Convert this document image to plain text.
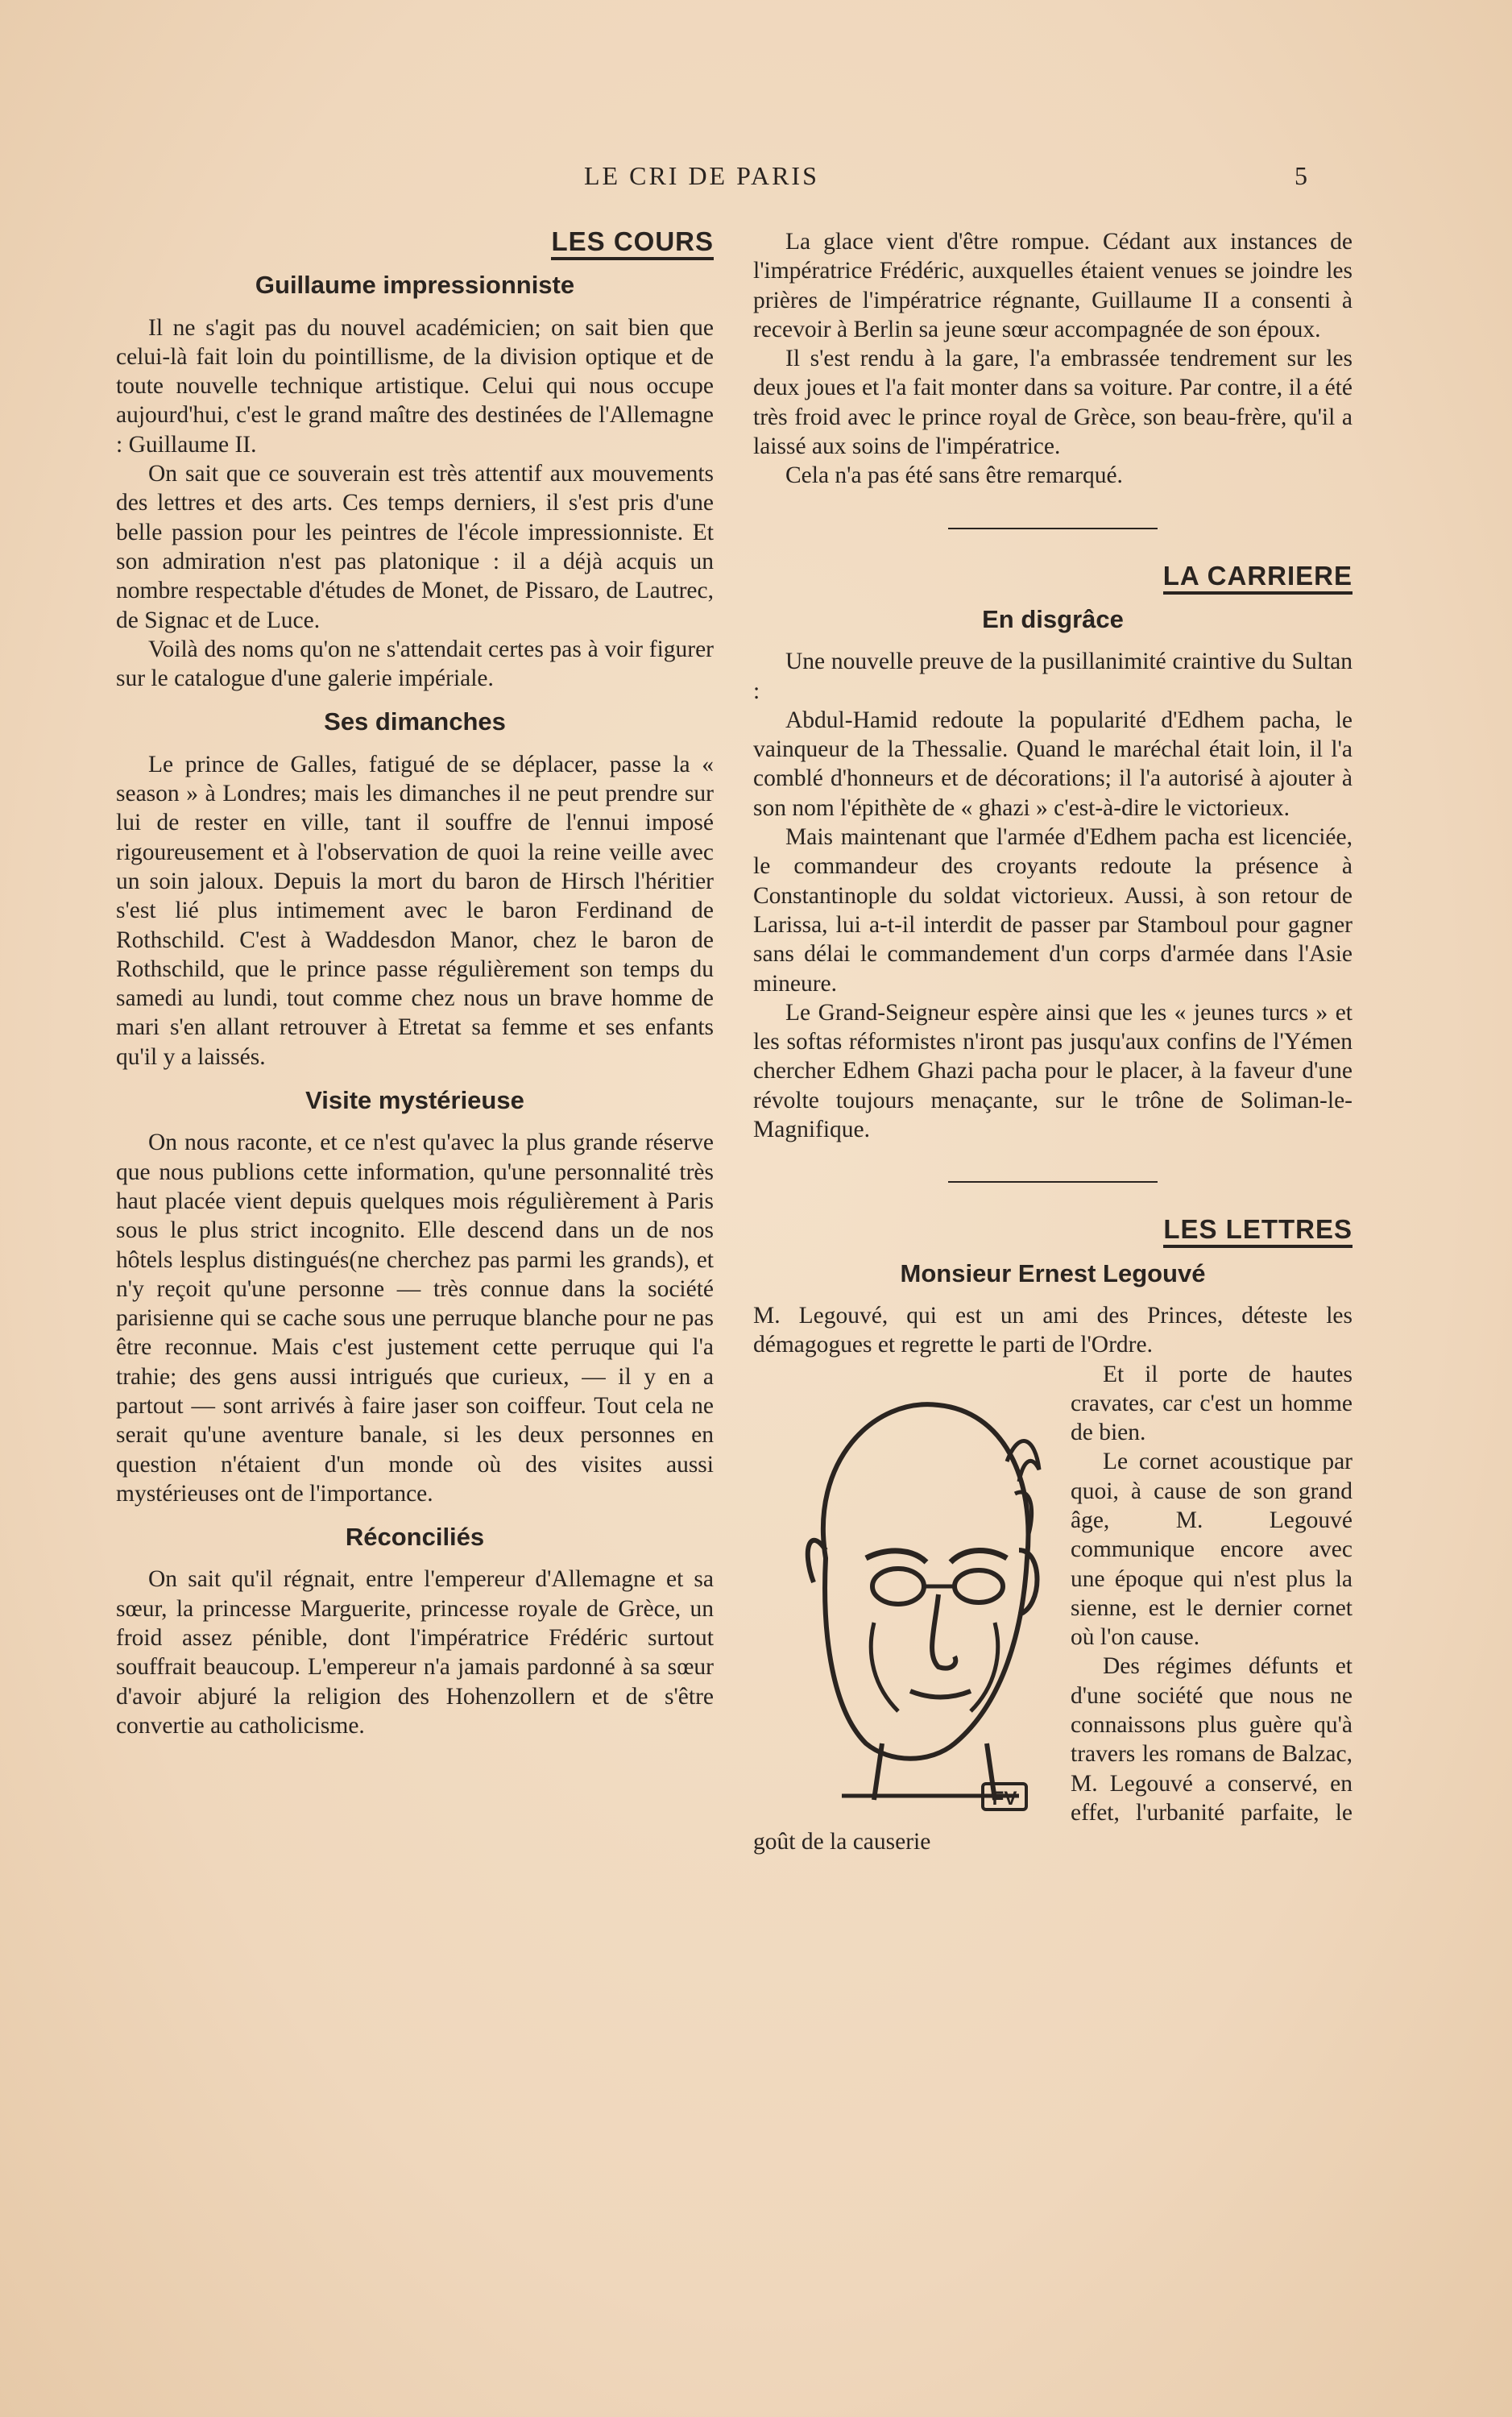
LE CRI DE PARIS	5
LES COURS
Guillaume impressionniste

Il ne s'agit pas du nouvel académicien; on sait bien que celui-là fait loin du pointillisme, de la division optique et de toute nouvelle technique artistique. Celui qui nous occupe aujourd'hui, c'est le grand maître des destinées de l'Allemagne : Guillaume II.

On sait que ce souverain est très attentif aux mouvements des lettres et des arts. Ces temps derniers, il s'est pris d'une belle passion pour les peintres de l'école impressionniste. Et son admiration n'est pas platonique : il a déjà acquis un nombre respectable d'études de Monet, de Pissaro, de Lautrec, de Signac et de Luce.

Voilà des noms qu'on ne s'attendait certes pas à voir figurer sur le catalogue d'une galerie impériale.

Ses dimanches

Le prince de Galles, fatigué de se déplacer, passe la « season » à Londres; mais les dimanches il ne peut prendre sur lui de rester en ville, tant il souffre de l'ennui imposé rigoureusement et à l'observation de quoi la reine veille avec un soin jaloux. Depuis la mort du baron de Hirsch l'héritier s'est lié plus intimement avec le baron Ferdinand de Rothschild. C'est à Waddesdon Manor, chez le baron de Rothschild, que le prince passe régulièrement son temps du samedi au lundi, tout comme chez nous un brave homme de mari s'en allant retrouver à Etretat sa femme et ses enfants qu'il y a laissés.

Visite mystérieuse

On nous raconte, et ce n'est qu'avec la plus grande réserve que nous publions cette information, qu'une personnalité très haut placée vient depuis quelques mois régulièrement à Paris sous le plus strict incognito. Elle descend dans un de nos hôtels lesplus distingués(ne cherchez pas parmi les grands), et n'y reçoit qu'une personne — très connue dans la société parisienne qui se cache sous une perruque blanche pour ne pas être reconnue. Mais c'est justement cette perruque qui l'a trahie; des gens aussi intrigués que curieux, — il y en a partout — sont arrivés à faire jaser son coiffeur. Tout cela ne serait qu'une aventure banale, si les deux personnes en question n'étaient d'un monde où des visites aussi mystérieuses ont de l'importance.

Réconciliés

On sait qu'il régnait, entre l'empereur d'Allemagne et sa sœur, la princesse Marguerite, princesse royale de Grèce, un froid assez pénible, dont l'impératrice Frédéric surtout souffrait beaucoup. L'empereur n'a jamais pardonné à sa sœur d'avoir abjuré la religion des Hohenzollern et de s'être convertie au catholicisme.

La glace vient d'être rompue. Cédant aux instances de l'impératrice Frédéric, auxquelles étaient venues se joindre les prières de l'impératrice régnante, Guillaume II a consenti à recevoir à Berlin sa jeune sœur accompagnée de son époux.

Il s'est rendu à la gare, l'a embrassée tendrement sur les deux joues et l'a fait monter dans sa voiture. Par contre, il a été très froid avec le prince royal de Grèce, son beau-frère, qu'il a laissé aux soins de l'impératrice.

Cela n'a pas été sans être remarqué.

LA CARRIERE
En disgrâce

Une nouvelle preuve de la pusillanimité craintive du Sultan :

Abdul-Hamid redoute la popularité d'Edhem pacha, le vainqueur de la Thessalie. Quand le maréchal était loin, il l'a comblé d'honneurs et de décorations; il l'a autorisé à ajouter à son nom l'épithète de « ghazi » c'est-à-dire le victorieux.

Mais maintenant que l'armée d'Edhem pacha est licenciée, le commandeur des croyants redoute la présence à Constantinople du soldat victorieux. Aussi, à son retour de Larissa, lui a-t-il interdit de passer par Stamboul pour gagner sans délai le commandement d'un corps d'armée dans l'Asie mineure.

Le Grand-Seigneur espère ainsi que les « jeunes turcs » et les softas réformistes n'iront pas jusqu'aux confins de l'Yémen chercher Edhem Ghazi pacha pour le placer, à la faveur d'une révolte toujours menaçante, sur le trône de Soliman-le-Magnifique.

LES LETTRES
Monsieur Ernest Legouvé

M. Legouvé, qui est un ami des Princes, déteste les démagogues et regrette le parti de l'Ordre.

FV

Et il porte de hautes cravates, car c'est un homme de bien.

Le cornet acoustique par quoi, à cause de son grand âge, M. Legouvé communique encore avec une époque qui n'est plus la sienne, est le dernier cornet où l'on cause.

Des régimes défunts et d'une société que nous ne connaissons plus guère qu'à travers les romans de Balzac, M. Legouvé a conservé, en effet, l'urbanité parfaite, le goût de la causerie
